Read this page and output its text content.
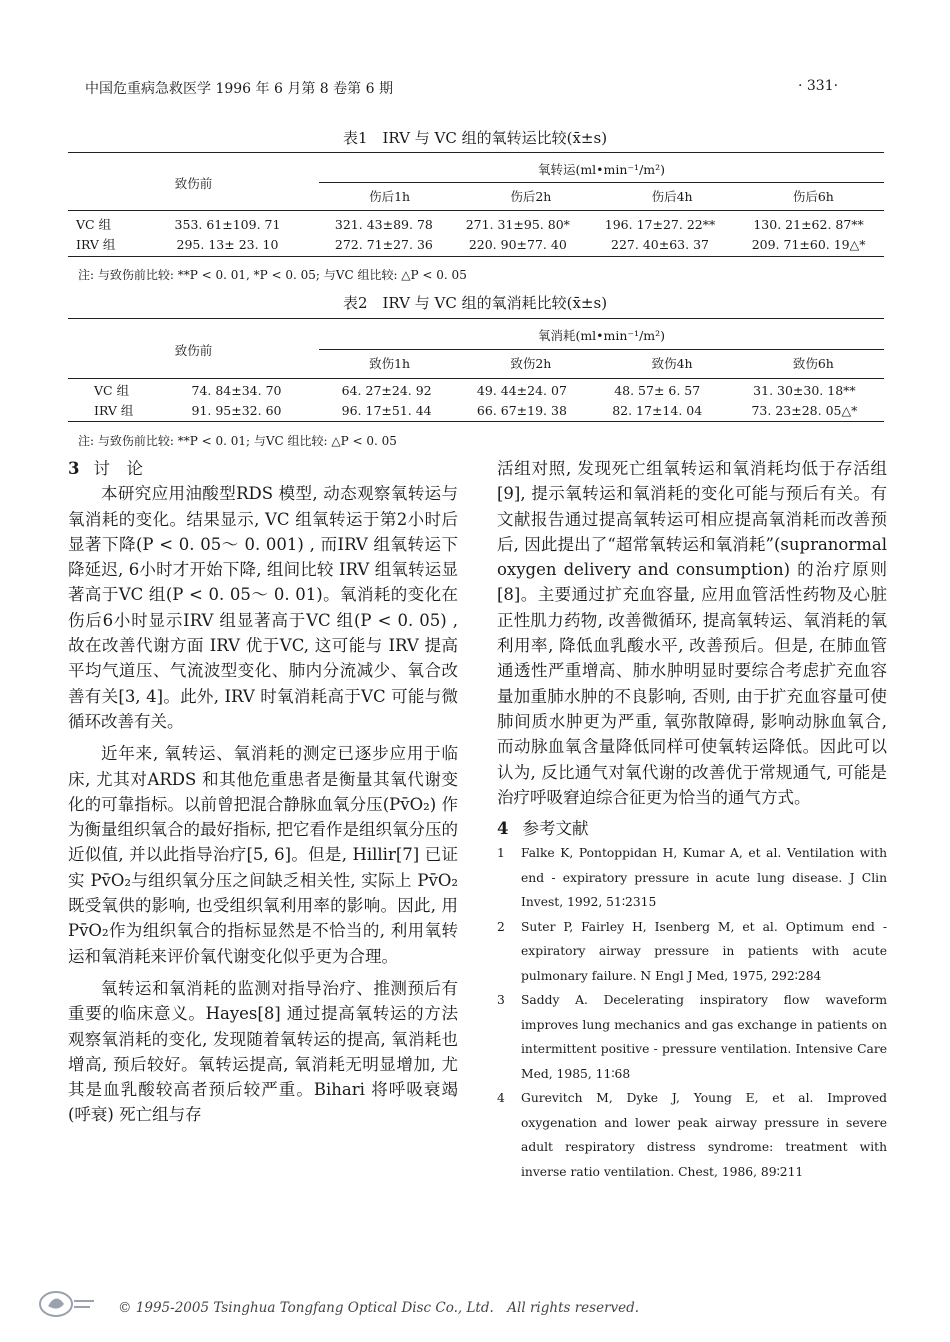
中国危重病急救医学 1996 年 6 月第 8 卷第 6 期	· 331·
表1　IRV 与 VC 组的氧转运比较(x̄±s)
致伤前	氧转运(ml•min⁻¹/m²)			
	伤后1h	伤后2h	伤后4h	伤后6h
VC 组	353. 61±109. 71	321. 43±89. 78	271. 31±95. 80*	196. 17±27. 22**	130. 21±62. 87**
IRV 组	295. 13± 23. 10	272. 71±27. 36	220. 90±77. 40	227. 40±63. 37	209. 71±60. 19△*
注: 与致伤前比较: **P < 0. 01, *P < 0. 05; 与VC 组比较: △P < 0. 05
表2　IRV 与 VC 组的氧消耗比较(x̄±s)
致伤前	氧消耗(ml•min⁻¹/m²)			
	致伤1h	致伤2h	致伤4h	致伤6h
VC 组	74. 84±34. 70	64. 27±24. 92	49. 44±24. 07	48. 57± 6. 57	31. 30±30. 18**
IRV 组	91. 95±32. 60	96. 17±51. 44	66. 67±19. 38	82. 17±14. 04	73. 23±28. 05△*
注: 与致伤前比较: **P < 0. 01; 与VC 组比较: △P < 0. 05
3 讨　论

本研究应用油酸型RDS 模型, 动态观察氧转运与氧消耗的变化。结果显示, VC 组氧转运于第2小时后显著下降(P < 0. 05～ 0. 001) , 而IRV 组氧转运下降延迟, 6小时才开始下降, 组间比较 IRV 组氧转运显著高于VC 组(P < 0. 05～ 0. 01)。氧消耗的变化在伤后6小时显示IRV 组显著高于VC 组(P < 0. 05) , 故在改善代谢方面 IRV 优于VC, 这可能与 IRV 提高平均气道压、气流波型变化、肺内分流减少、氧合改善有关[3, 4]。此外, IRV 时氧消耗高于VC 可能与微循环改善有关。

近年来, 氧转运、氧消耗的测定已逐步应用于临床, 尤其对ARDS 和其他危重患者是衡量其氧代谢变化的可靠指标。以前曾把混合静脉血氧分压(Pv̄O₂) 作为衡量组织氧合的最好指标, 把它看作是组织氧分压的近似值, 并以此指导治疗[5, 6]。但是, Hillir[7] 已证实 Pv̄O₂与组织氧分压之间缺乏相关性, 实际上 Pv̄O₂既受氧供的影响, 也受组织氧利用率的影响。因此, 用Pv̄O₂作为组织氧合的指标显然是不恰当的, 利用氧转运和氧消耗来评价氧代谢变化似乎更为合理。

氧转运和氧消耗的监测对指导治疗、推测预后有重要的临床意义。Hayes[8] 通过提高氧转运的方法观察氧消耗的变化, 发现随着氧转运的提高, 氧消耗也增高, 预后较好。氧转运提高, 氧消耗无明显增加, 尤其是血乳酸较高者预后较严重。Bihari 将呼吸衰竭(呼衰) 死亡组与存

活组对照, 发现死亡组氧转运和氧消耗均低于存活组[9], 提示氧转运和氧消耗的变化可能与预后有关。有文献报告通过提高氧转运可相应提高氧消耗而改善预后, 因此提出了“超常氧转运和氧消耗”(supranormal oxygen delivery and consumption) 的治疗原则[8]。主要通过扩充血容量, 应用血管活性药物及心脏正性肌力药物, 改善微循环, 提高氧转运、氧消耗的氧利用率, 降低血乳酸水平, 改善预后。但是, 在肺血管通透性严重增高、肺水肿明显时要综合考虑扩充血容量加重肺水肿的不良影响, 否则, 由于扩充血容量可使肺间质水肿更为严重, 氧弥散障碍, 影响动脉血氧合, 而动脉血氧含量降低同样可使氧转运降低。因此可以认为, 反比通气对氧代谢的改善优于常规通气, 可能是治疗呼吸窘迫综合征更为恰当的通气方式。

4 参考文献
1 Falke K, Pontoppidan H, Kumar A, et al. Ventilation with end - expiratory pressure in acute lung disease. J Clin Invest, 1992, 51∶2315
2 Suter P, Fairley H, Isenberg M, et al. Optimum end - expiratory airway pressure in patients with acute pulmonary failure. N Engl J Med, 1975, 292∶284
3 Saddy A. Decelerating inspiratory flow waveform improves lung mechanics and gas exchange in patients on intermittent positive - pressure ventilation. Intensive Care Med, 1985, 11∶68
4 Gurevitch M, Dyke J, Young E, et al. Improved oxygenation and lower peak airway pressure in severe adult respiratory distress syndrome: treatment with inverse ratio ventilation. Chest, 1986, 89∶211
© 1995-2005 Tsinghua Tongfang Optical Disc Co., Ltd.　All rights reserved.
